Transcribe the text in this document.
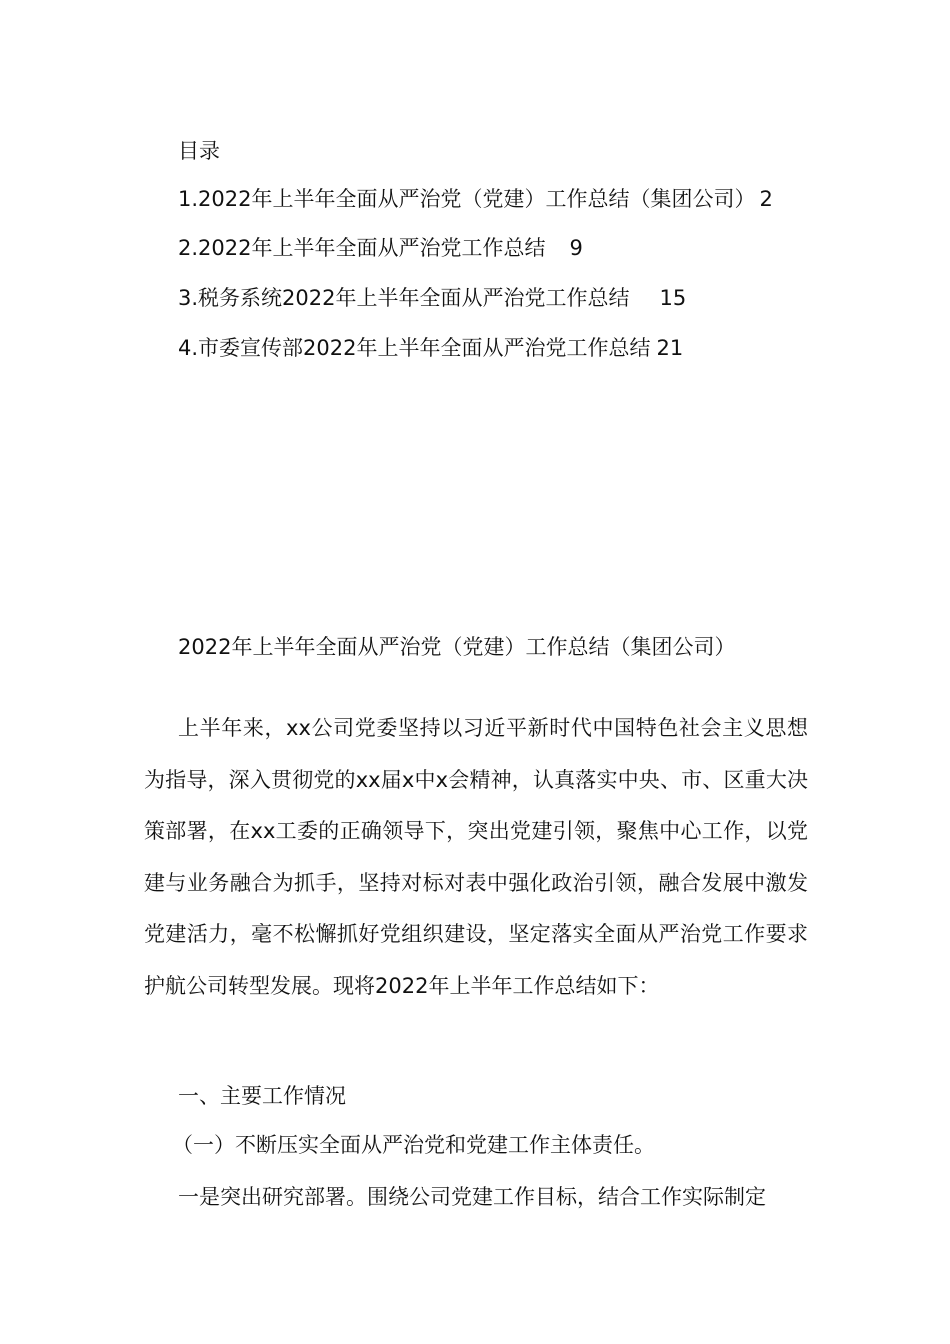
目录
1.2022年上半年全面从严治党（党建）工作总结（集团公司） 2
2.2022年上半年全面从严治党工作总结 9
3.税务系统2022年上半年全面从严治党工作总结 15
4.市委宣传部2022年上半年全面从严治党工作总结 21
2022年上半年全面从严治党（党建）工作总结（集团公司）

上半年来，xx公司党委坚持以习近平新时代中国特色社会主义思想为指导，深入贯彻党的xx届x中x会精神，认真落实中央、市、区重大决策部署，在xx工委的正确领导下，突出党建引领，聚焦中心工作，以党建与业务融合为抓手，坚持对标对表中强化政治引领，融合发展中激发党建活力，毫不松懈抓好党组织建设，坚定落实全面从严治党工作要求护航公司转型发展。现将2022年上半年工作总结如下：

一、主要工作情况
（一）不断压实全面从严治党和党建工作主体责任。
一是突出研究部署。围绕公司党建工作目标，结合工作实际制定
